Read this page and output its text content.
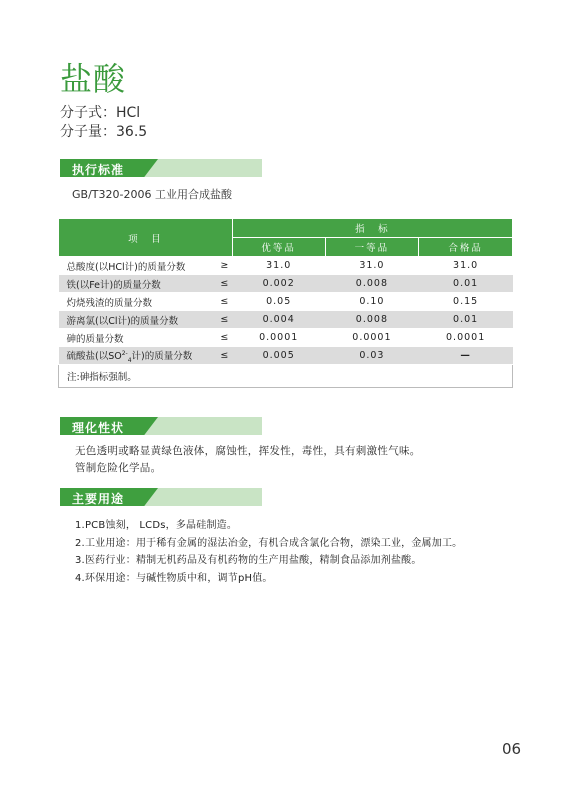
盐酸
分子式：HCl
分子量：36.5
执行标准
GB/T320-2006 工业用合成盐酸
项　目		指　标		
		优等品	一等品	合格品
总酸度(以HCl计)的质量分数	≥	31.0	31.0	31.0
铁(以Fe计)的质量分数	≤	0.002	0.008	0.01
灼烧残渣的质量分数	≤	0.05	0.10	0.15
游离氯(以Cl计)的质量分数	≤	0.004	0.008	0.01
砷的质量分数	≤	0.0001	0.0001	0.0001
硫酸盐(以$SO^{2-}_4$计)的质量分数	≤	0.005	0.03	—
注:砷指标强制。				
理化性状
无色透明或略显黄绿色液体，腐蚀性，挥发性，毒性，具有刺激性气味。
管制危险化学品。
主要用途
1.PCB蚀刻， LCDs，多晶硅制造。
2.工业用途：用于稀有金属的湿法冶金，有机合成含氯化合物，漂染工业，金属加工。
3.医药行业：精制无机药品及有机药物的生产用盐酸，精制食品添加剂盐酸。
4.环保用途：与碱性物质中和，调节pH值。
06
